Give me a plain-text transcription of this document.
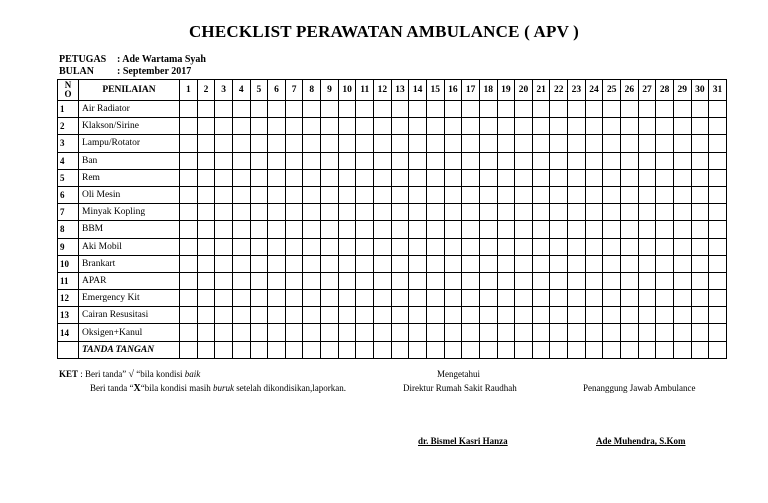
CHECKLIST PERAWATAN AMBULANCE ( APV )
PETUGAS : Ade Wartama Syah
BULAN : September 2017
N
O	PENILAIAN	1	2	3	4	5	6	7	8	9	10	11	12	13	14	15	16	17	18	19	20	21	22	23	24	25	26	27	28	29	30	31
1	Air Radiator																															
2	Klakson/Sirine																															
3	Lampu/Rotator																															
4	Ban																															
5	Rem																															
6	Oli Mesin																															
7	Minyak Kopling																															
8	BBM																															
9	Aki Mobil																															
10	Brankart																															
11	APAR																															
12	Emergency Kit																															
13	Cairan Resusitasi																															
14	Oksigen+Kanul																															
	TANDA TANGAN																															
KET : Beri tanda” √ “bila kondisi baik
Beri tanda “X“bila kondisi masih buruk setelah dikondisikan,laporkan.
Mengetahui
Direktur Rumah Sakit Raudhah	Penanggung Jawab Ambulance
dr. Bismel Kasri Hanza	Ade Muhendra, S.Kom
